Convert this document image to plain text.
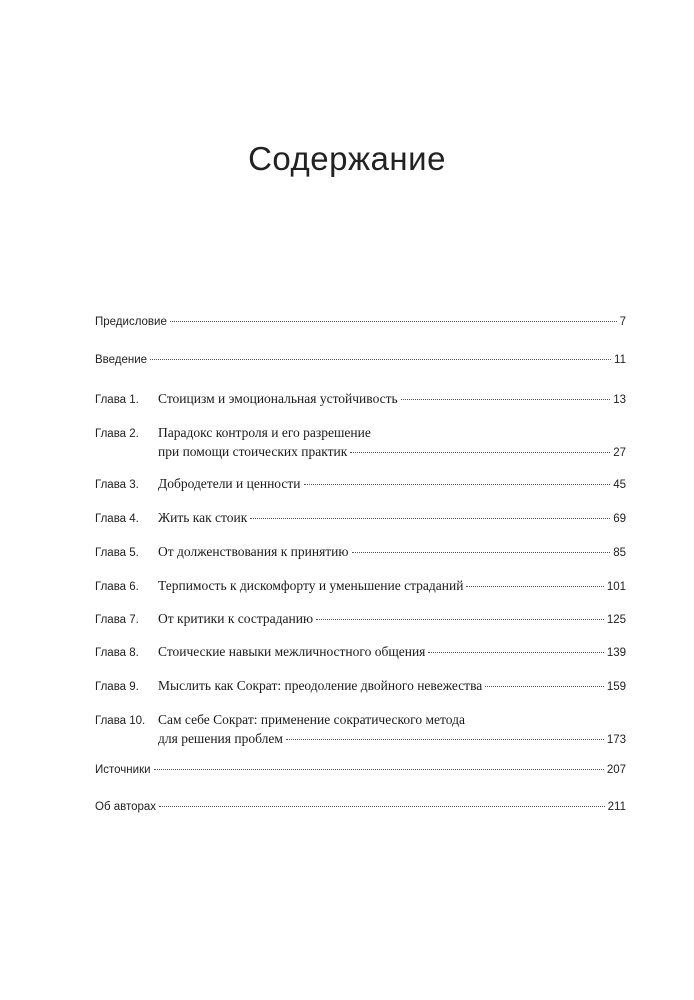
Содержание
Предисловие	7
Введение	11
Глава 1.	Стоицизм и эмоциональная устойчивость	13
Глава 2.	Парадокс контроля и его разрешение
при помощи стоических практик	27
Глава 3.	Добродетели и ценности	45
Глава 4.	Жить как стоик	69
Глава 5.	От долженствования к принятию	85
Глава 6.	Терпимость к дискомфорту и уменьшение страданий	101
Глава 7.	От критики к состраданию	125
Глава 8.	Стоические навыки межличностного общения	139
Глава 9.	Мыслить как Сократ: преодоление двойного невежества	159
Глава 10. Сам себе Сократ: применение сократического метода
для решения проблем	173
Источники	207
Об авторах	211
